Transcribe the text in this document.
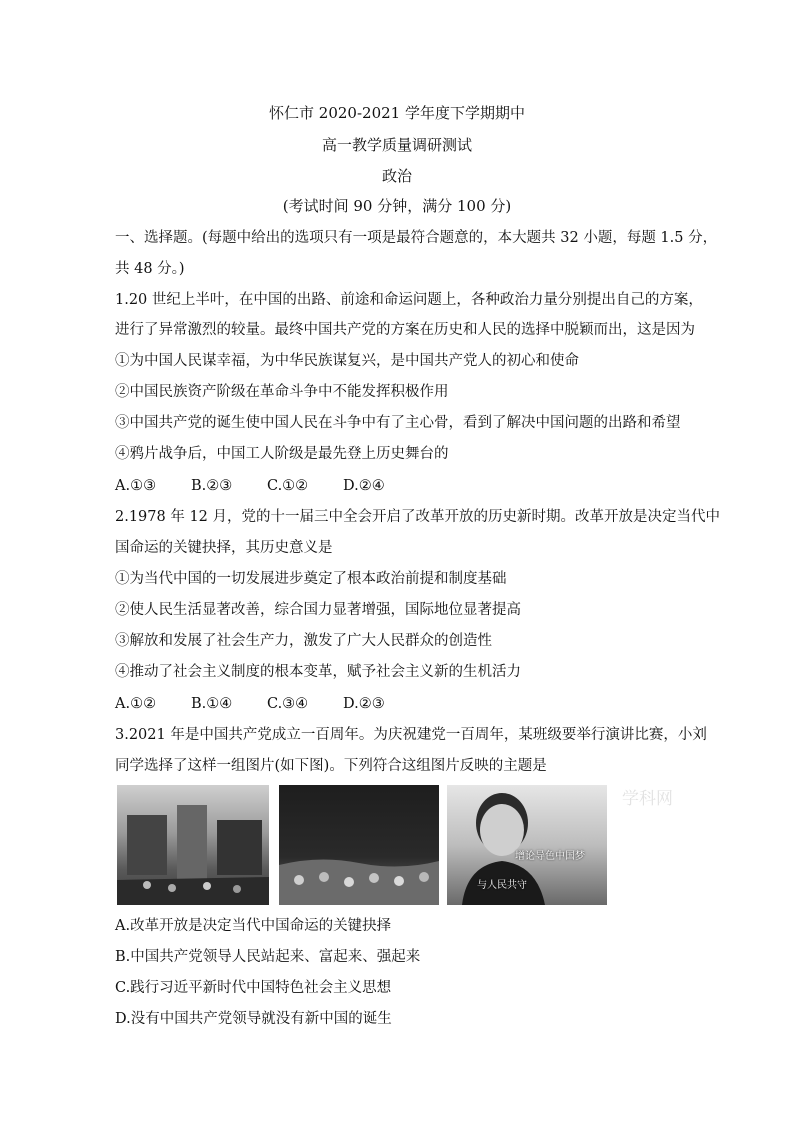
怀仁市 2020-2021 学年度下学期期中
高一教学质量调研测试
政治
(考试时间 90 分钟，满分 100 分)
一、选择题。(每题中给出的选项只有一项是最符合题意的，本大题共 32 小题，每题 1.5 分，
共 48 分。)
1.20 世纪上半叶，在中国的出路、前途和命运问题上，各种政治力量分别提出自己的方案，
进行了异常激烈的较量。最终中国共产党的方案在历史和人民的选择中脱颖而出，这是因为
①为中国人民谋幸福，为中华民族谋复兴，是中国共产党人的初心和使命
②中国民族资产阶级在革命斗争中不能发挥积极作用
③中国共产党的诞生使中国人民在斗争中有了主心骨，看到了解决中国问题的出路和希望
④鸦片战争后，中国工人阶级是最先登上历史舞台的
A.①③ B.②③ C.①② D.②④
2.1978 年 12 月，党的十一届三中全会开启了改革开放的历史新时期。改革开放是决定当代中
国命运的关键抉择，其历史意义是
①为当代中国的一切发展进步奠定了根本政治前提和制度基础
②使人民生活显著改善，综合国力显著增强，国际地位显著提高
③解放和发展了社会生产力，激发了广大人民群众的创造性
④推动了社会主义制度的根本变革，赋予社会主义新的生机活力
A.①② B.①④ C.③④ D.②③
3.2021 年是中国共产党成立一百周年。为庆祝建党一百周年，某班级要举行演讲比赛，小刘
同学选择了这样一组图片(如下图)。下列符合这组图片反映的主题是
学科网
增论导色中国梦
与人民共守
A.改革开放是决定当代中国命运的关键抉择
B.中国共产党领导人民站起来、富起来、强起来
C.践行习近平新时代中国特色社会主义思想
D.没有中国共产党领导就没有新中国的诞生
